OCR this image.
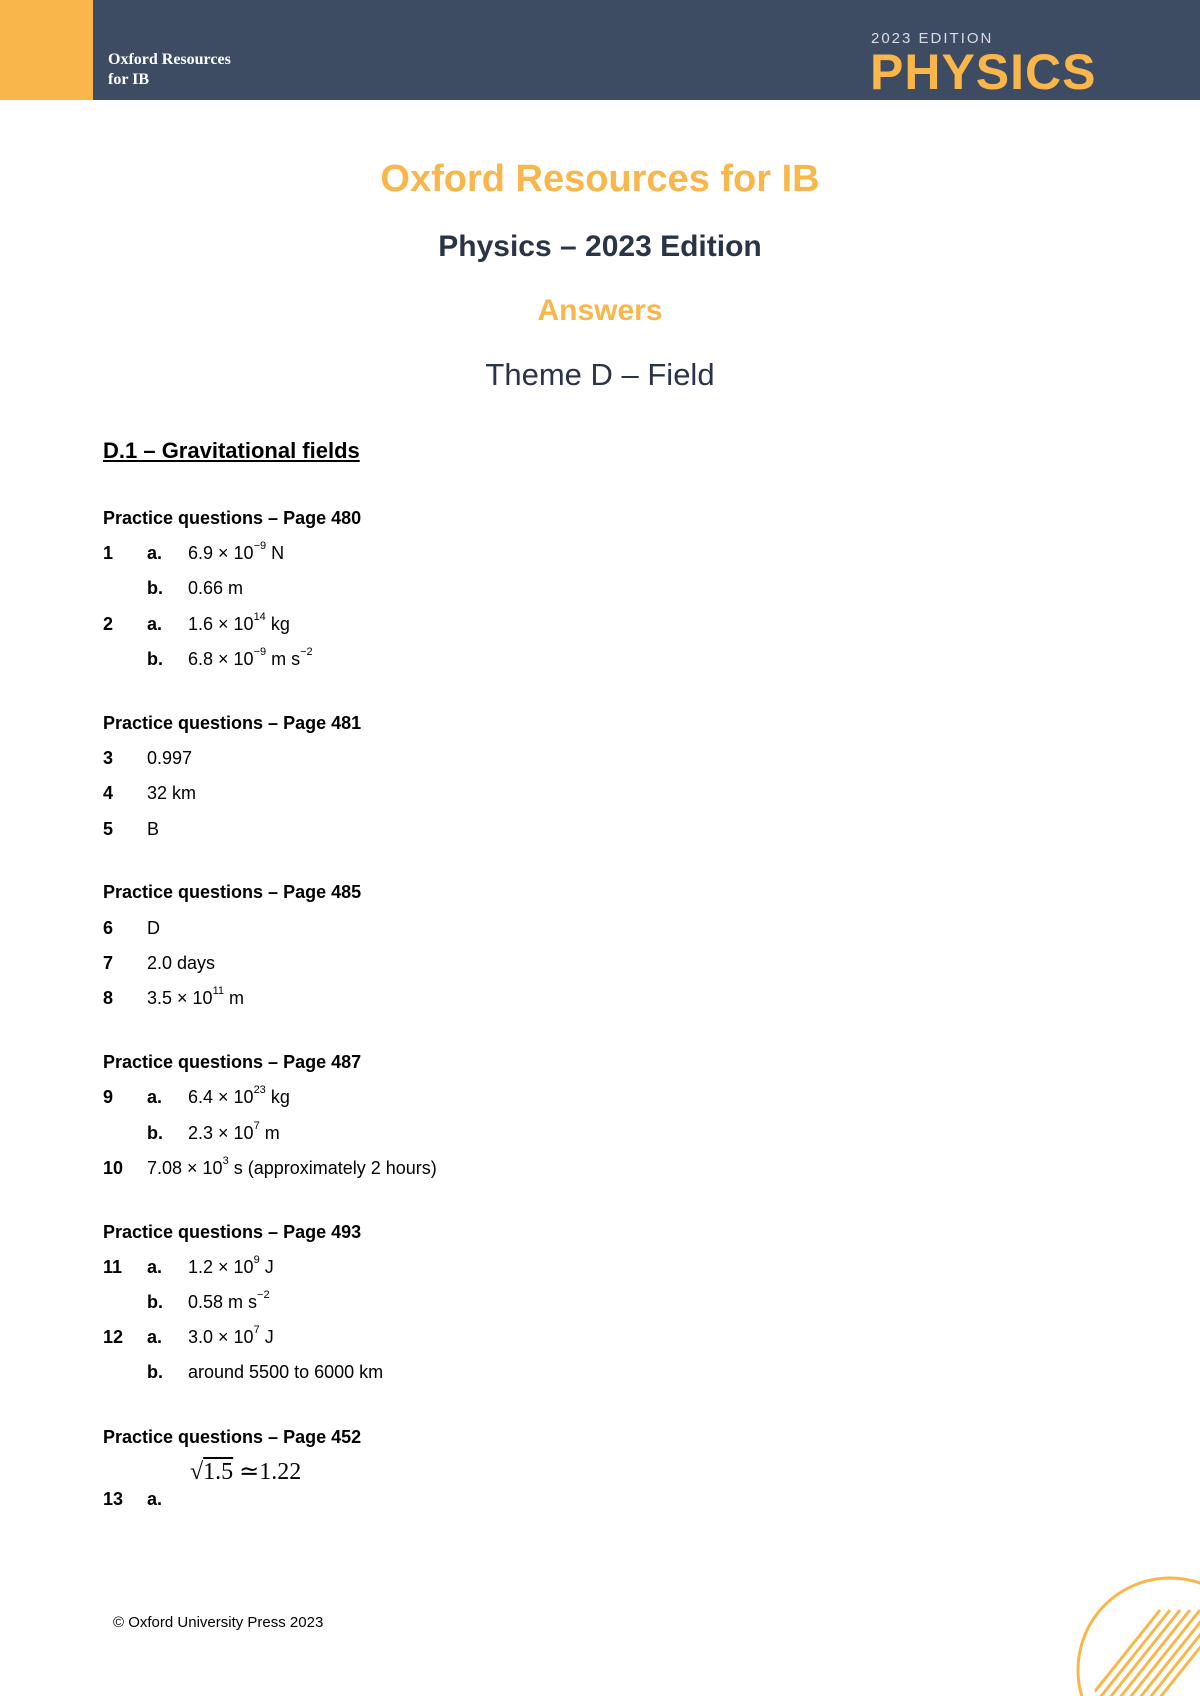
Oxford Resources
for IB
2023 EDITION
PHYSICS
Oxford Resources for IB
Physics – 2023 Edition
Answers
Theme D – Field
D.1 – Gravitational fields
Practice questions – Page 480
1 a. $6.9 \times 10^{-9}$ N
b. 0.66 m
2 a. $1.6 \times 10^{14}$ kg
b. $6.8 \times 10^{-9}$ m $s^{-2}$
Practice questions – Page 481
3 0.997
4 32 km
5 B
Practice questions – Page 485
6 D
7 2.0 days
8 $3.5 \times 10^{11}$ m
Practice questions – Page 487
9 a. $6.4 \times 10^{23}$ kg
b. $2.3 \times 10^7$ m
10 $7.08 \times 10^3$ s (approximately 2 hours)
Practice questions – Page 493
11 a. $1.2 \times 10^9$ J
b. 0.58 m $s^{-2}$
12 a. $3.0 \times 10^7$ J
b. around 5500 to 6000 km
Practice questions – Page 452
√1.5 ≃1.22
13 a.
© Oxford University Press 2023
